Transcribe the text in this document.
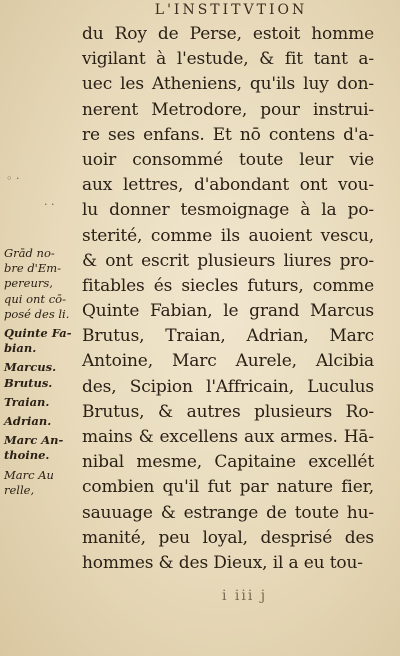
L'INSTITVTION
◦ ·
· ·
du Roy de Perse, estoit homme
vigilant à l'estude, & fit tant a-
uec les Atheniens, qu'ils luy don-
nerent Metrodore, pour instrui-
re ses enfans. Et nō contens d'a-
uoir consommé toute leur vie
aux lettres, d'abondant ont vou-
lu donner tesmoignage à la po-
sterité, comme ils auoient vescu,
& ont escrit plusieurs liures pro-
fitables és siecles futurs, comme
Quinte Fabian, le grand Marcus
Brutus, Traian, Adrian, Marc
Antoine, Marc Aurele, Alcibia
des, Scipion l'Affricain, Luculus
Brutus, & autres plusieurs Ro-
mains & excellens aux armes. Hā-
nibal mesme, Capitaine excellét
combien qu'il fut par nature fier,
sauuage & estrange de toute hu-
manité, peu loyal, desprisé des
hommes & des Dieux, il a eu tou-
Grād no-
bre d'Em-
pereurs,
qui ont cō-
posé des li.
Quinte Fa-
bian.
Marcus.
Brutus.
Traian.
Adrian.
Marc An-
thoine.
Marc Au
relle,
i iii j
